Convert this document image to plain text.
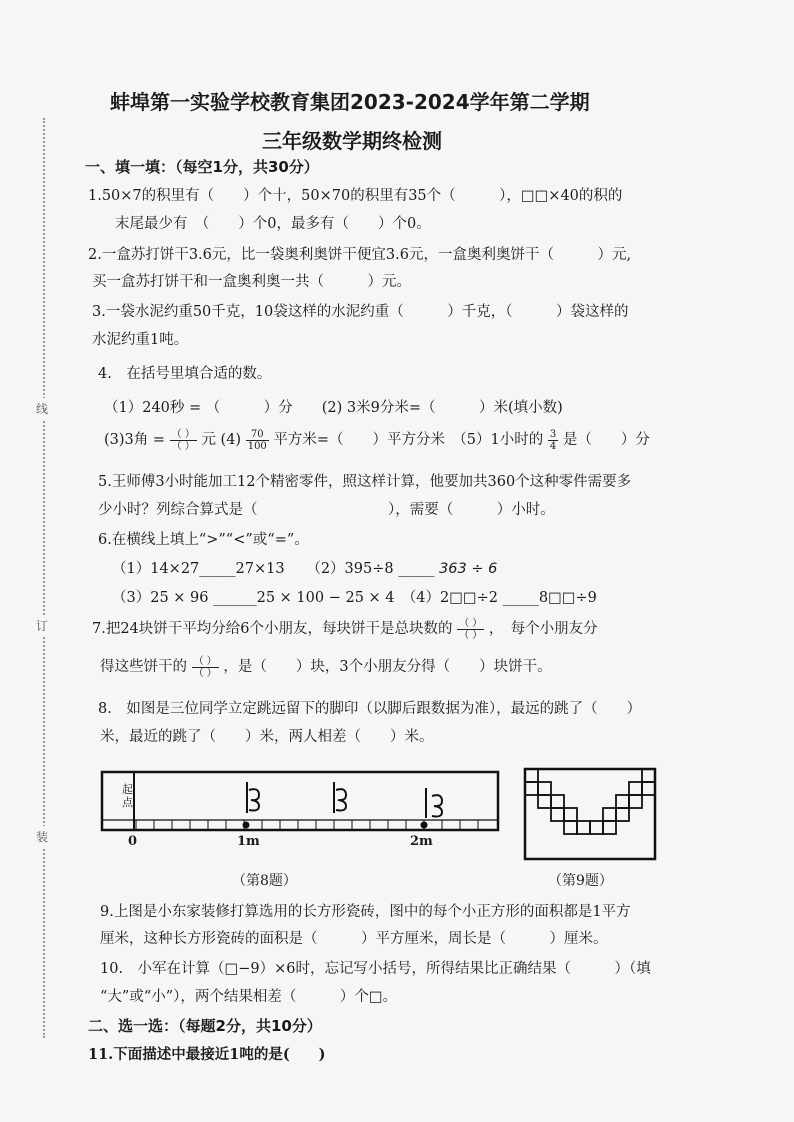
线
订
装
蚌埠第一实验学校教育集团2023-2024学年第二学期
三年级数学期终检测
一、填一填：（每空1分，共30分）
1.50×7的积里有（　　）个十，50×70的积里有35个（　　　），□□×40的积的
末尾最少有　（　　）个0，最多有（　　）个0。
2.一盒苏打饼干3.6元，比一袋奥利奥饼干便宜3.6元，一盒奥利奥饼干（　　　）元,
买一盒苏打饼干和一盒奥利奥一共（　　　）元。
3.一袋水泥约重50千克，10袋这样的水泥约重（　　　）千克，（　　　）袋这样的
水泥约重1吨。
4.　在括号里填合适的数。
（1）240秒 = （　　　）分　　(2) 3米9分米=（　　　）米(填小数)
(3)3角 = $\frac{( )}{( )}$ 元 $(4) \frac{70}{100}$ 平方米=（　　）平方分米　（5）1小时的 $\frac{3}{4}$ 是（　　）分
5.王师傅3小时能加工12个精密零件，照这样计算，他要加共360个这种零件需要多
少小时？列综合算式是（　　　　　　　　　），需要（　　　）小时。
6.在横线上填上“>”“<”或“=”。
（1）14×27_____27×13　　（2）395÷8 _____ 363 ÷ 6
（3）25 × 96 ______25 × 100 − 25 × 4　（4）2□□÷2 _____8□□÷9
7.把24块饼干平均分给6个小朋友，每块饼干是总块数的 $\frac{( )}{( )}$ ，　每个小朋友分
得这些饼干的 $\frac{( )}{( )}$ ，是（　　）块，3个小朋友分得（　　）块饼干。
8.　如图是三位同学立定跳远留下的脚印（以脚后跟数据为准），最远的跳了（　　）
米，最近的跳了（　　）米，两人相差（　　）米。
起
点
0	1m	2m
（第8题）	（第9题）
9.上图是小东家装修打算选用的长方形瓷砖，图中的每个小正方形的面积都是1平方
厘米，这种长方形瓷砖的面积是（　　　）平方厘米，周长是（　　　）厘米。
10.　小军在计算（□−9）×6时，忘记写小括号，所得结果比正确结果（　　　）（填
“大”或“小”），两个结果相差（　　　）个□。
二、选一选：（每题2分，共10分）
11.下面描述中最接近1吨的是(　　)
